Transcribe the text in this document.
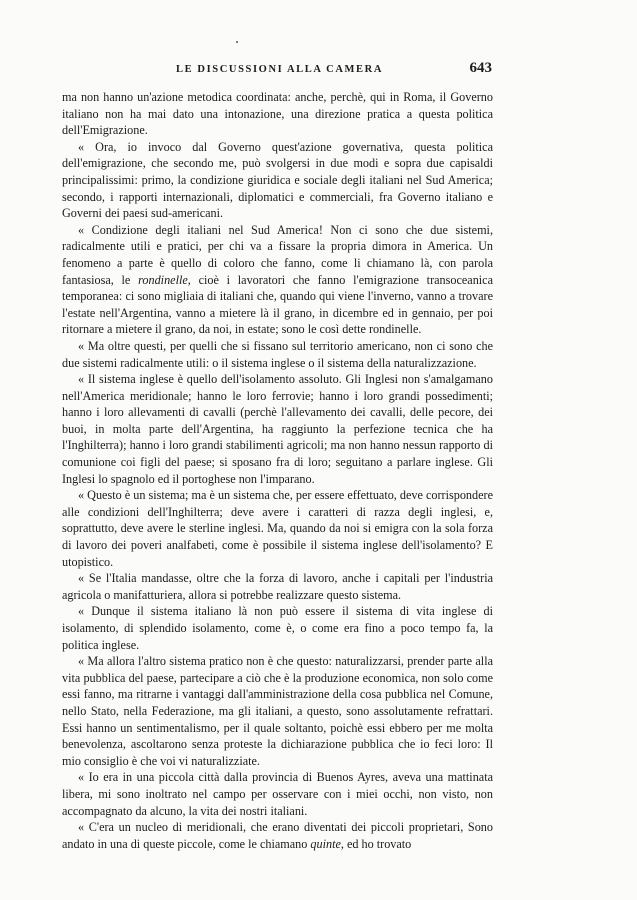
LE DISCUSSIONI ALLA CAMERA	643

ma non hanno un'azione metodica coordinata: anche, perchè, qui in Roma, il Governo italiano non ha mai dato una intonazione, una direzione pratica a questa politica dell'Emigrazione.

« Ora, io invoco dal Governo quest'azione governativa, questa politica dell'emigrazione, che secondo me, può svolgersi in due modi e sopra due capisaldi principalissimi: primo, la condizione giuridica e sociale degli italiani nel Sud America; secondo, i rapporti internazionali, diplomatici e commerciali, fra Governo italiano e Governi dei paesi sud-americani.

« Condizione degli italiani nel Sud America! Non ci sono che due sistemi, radicalmente utili e pratici, per chi va a fissare la propria dimora in America. Un fenomeno a parte è quello di coloro che fanno, come li chiamano là, con parola fantasiosa, le rondinelle, cioè i lavoratori che fanno l'emigrazione transoceanica temporanea: ci sono migliaia di italiani che, quando qui viene l'inverno, vanno a trovare l'estate nell'Argentina, vanno a mietere là il grano, in dicembre ed in gennaio, per poi ritornare a mietere il grano, da noi, in estate; sono le così dette rondinelle.

« Ma oltre questi, per quelli che si fissano sul territorio americano, non ci sono che due sistemi radicalmente utili: o il sistema inglese o il sistema della naturalizzazione.

« Il sistema inglese è quello dell'isolamento assoluto. Gli Inglesi non s'amalgamano nell'America meridionale; hanno le loro ferrovie; hanno i loro grandi possedimenti; hanno i loro allevamenti di cavalli (perchè l'allevamento dei cavalli, delle pecore, dei buoi, in molta parte dell'Argentina, ha raggiunto la perfezione tecnica che ha l'Inghilterra); hanno i loro grandi stabilimenti agricoli; ma non hanno nessun rapporto di comunione coi figli del paese; si sposano fra di loro; seguitano a parlare inglese. Gli Inglesi lo spagnolo ed il portoghese non l'imparano.

« Questo è un sistema; ma è un sistema che, per essere effettuato, deve corrispondere alle condizioni dell'Inghilterra; deve avere i caratteri di razza degli inglesi, e, soprattutto, deve avere le sterline inglesi. Ma, quando da noi si emigra con la sola forza di lavoro dei poveri analfabeti, come è possibile il sistema inglese dell'isolamento? E utopistico.

« Se l'Italia mandasse, oltre che la forza di lavoro, anche i capitali per l'industria agricola o manifatturiera, allora si potrebbe realizzare questo sistema.

« Dunque il sistema italiano là non può essere il sistema di vita inglese di isolamento, di splendido isolamento, come è, o come era fino a poco tempo fa, la politica inglese.

« Ma allora l'altro sistema pratico non è che questo: naturalizzarsi, prender parte alla vita pubblica del paese, partecipare a ciò che è la produzione economica, non solo come essi fanno, ma ritrarne i vantaggi dall'amministrazione della cosa pubblica nel Comune, nello Stato, nella Federazione, ma gli italiani, a questo, sono assolutamente refrattari. Essi hanno un sentimentalismo, per il quale soltanto, poichè essi ebbero per me molta benevolenza, ascoltarono senza proteste la dichiarazione pubblica che io feci loro: Il mio consiglio è che voi vi naturalizziate.

« Io era in una piccola città dalla provincia di Buenos Ayres, aveva una mattinata libera, mi sono inoltrato nel campo per osservare con i miei occhi, non visto, non accompagnato da alcuno, la vita dei nostri italiani.

« C'era un nucleo di meridionali, che erano diventati dei piccoli proprietari, Sono andato in una di queste piccole, come le chiamano quinte, ed ho trovato
